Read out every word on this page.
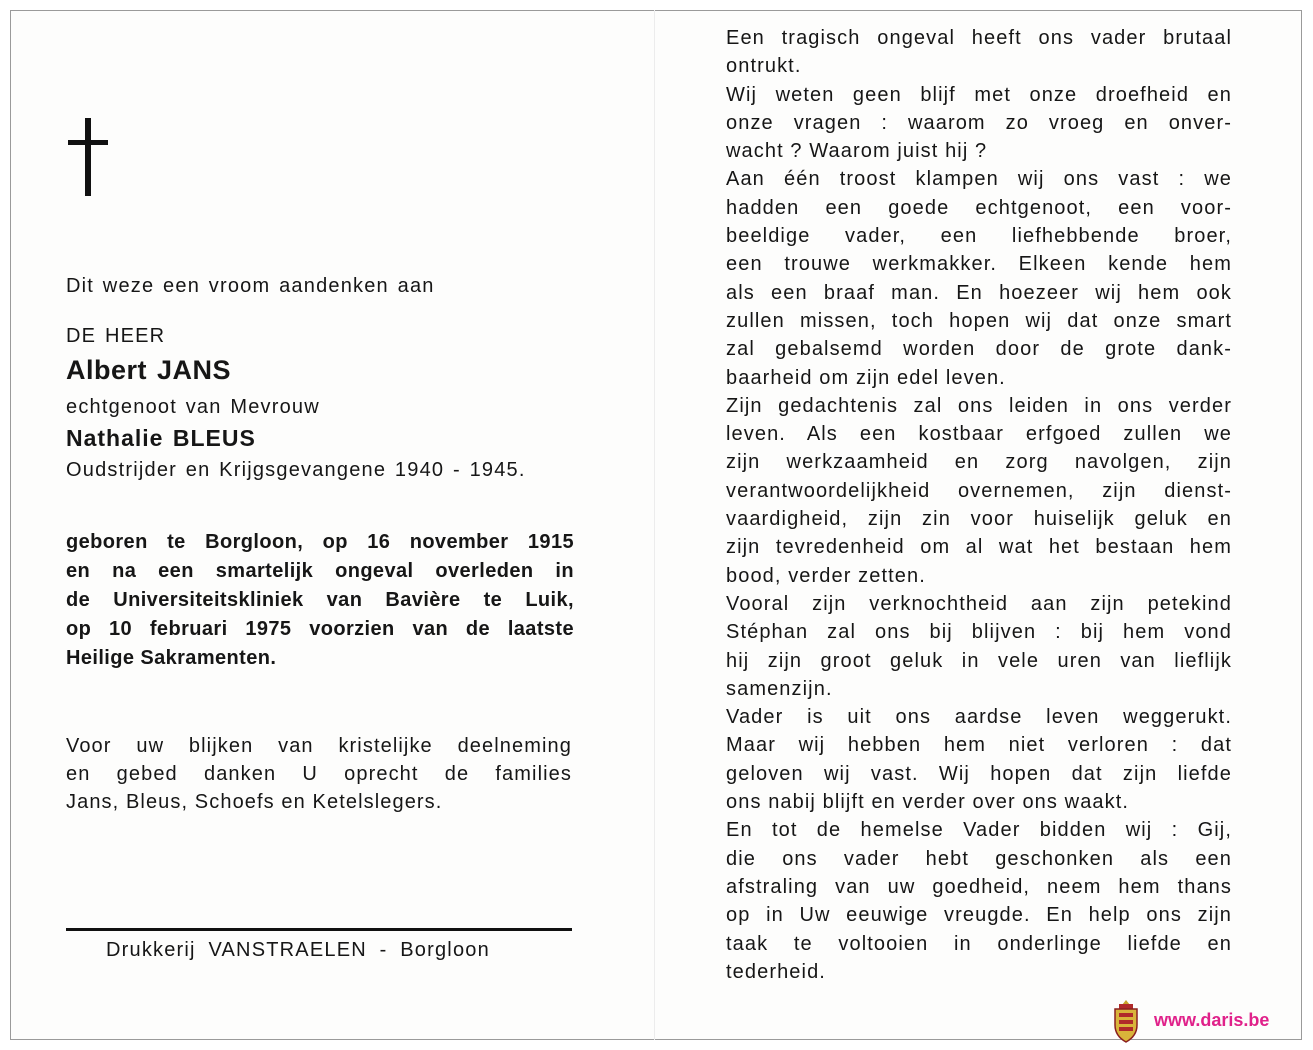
Dit weze een vroom aandenken aan
DE HEER
Albert JANS
echtgenoot van Mevrouw
Nathalie BLEUS
Oudstrijder en Krijgsgevangene 1940 - 1945.
geboren te Borgloon, op 16 november 1915
en na een smartelijk ongeval overleden in
de Universiteitskliniek van Bavière te Luik,
op 10 februari 1975 voorzien van de laatste
Heilige Sakramenten.
Voor uw blijken van kristelijke deelneming
en gebed danken U oprecht de families
Jans, Bleus, Schoefs en Ketelslegers.
Drukkerij VANSTRAELEN - Borgloon
Een tragisch ongeval heeft ons vader brutaal
ontrukt.
Wij weten geen blijf met onze droefheid en
onze vragen : waarom zo vroeg en onver-
wacht ? Waarom juist hij ?
Aan één troost klampen wij ons vast : we
hadden een goede echtgenoot, een voor-
beeldige vader, een liefhebbende broer,
een trouwe werkmakker. Elkeen kende hem
als een braaf man. En hoezeer wij hem ook
zullen missen, toch hopen wij dat onze smart
zal gebalsemd worden door de grote dank-
baarheid om zijn edel leven.
Zijn gedachtenis zal ons leiden in ons verder
leven. Als een kostbaar erfgoed zullen we
zijn werkzaamheid en zorg navolgen, zijn
verantwoordelijkheid overnemen, zijn dienst-
vaardigheid, zijn zin voor huiselijk geluk en
zijn tevredenheid om al wat het bestaan hem
bood, verder zetten.
Vooral zijn verknochtheid aan zijn petekind
Stéphan zal ons bij blijven : bij hem vond
hij zijn groot geluk in vele uren van lieflijk
samenzijn.
Vader is uit ons aardse leven weggerukt.
Maar wij hebben hem niet verloren : dat
geloven wij vast. Wij hopen dat zijn liefde
ons nabij blijft en verder over ons waakt.
En tot de hemelse Vader bidden wij : Gij,
die ons vader hebt geschonken als een
afstraling van uw goedheid, neem hem thans
op in Uw eeuwige vreugde. En help ons zijn
taak te voltooien in onderlinge liefde en
tederheid.
www.daris.be
